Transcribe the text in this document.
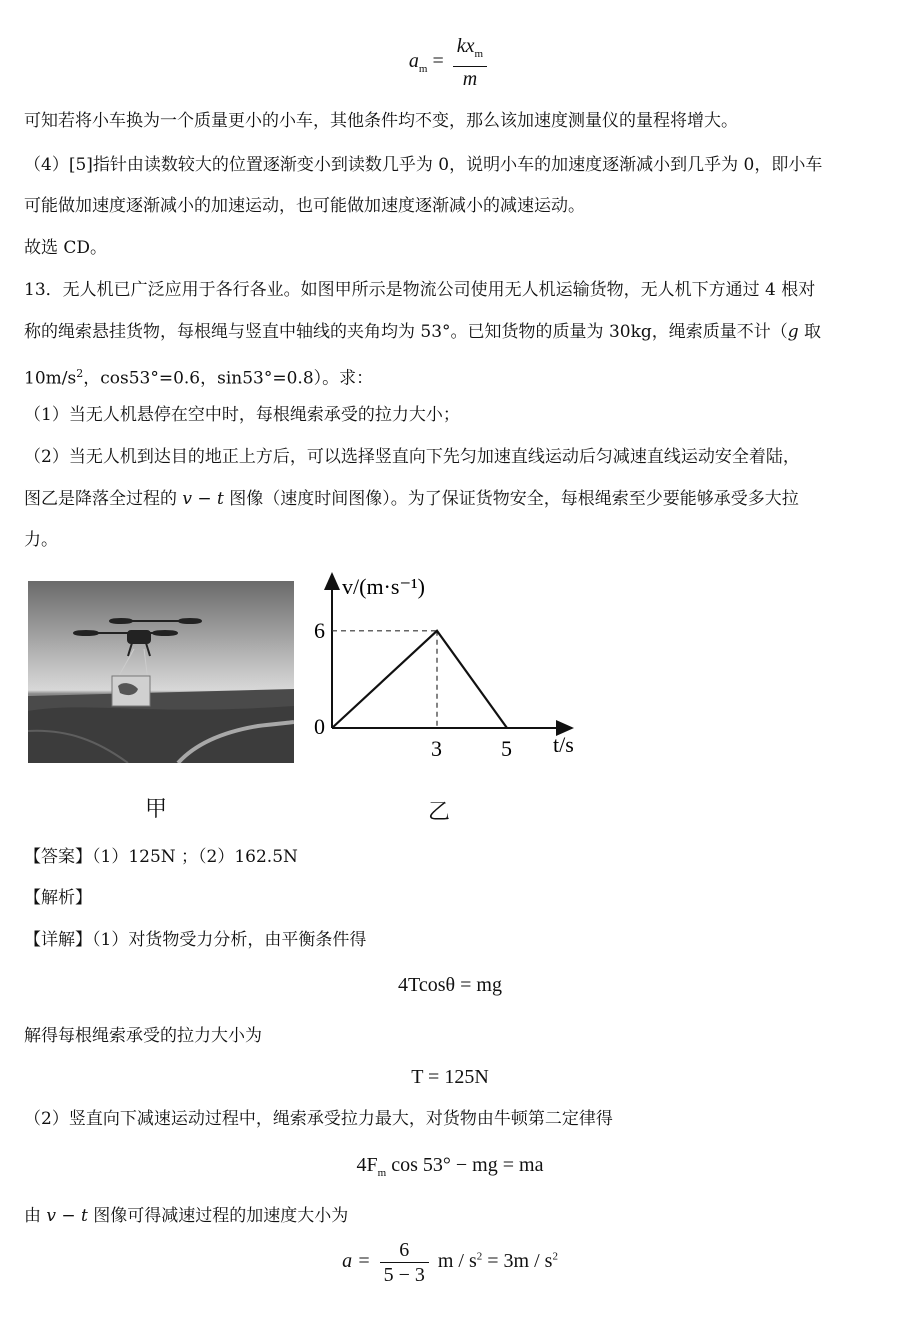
$a_m = \frac{kx_m}{m}$
可知若将小车换为一个质量更小的小车，其他条件均不变，那么该加速度测量仪的量程将增大。
（4）[5]指针由读数较大的位置逐渐变小到读数几乎为 0，说明小车的加速度逐渐减小到几乎为 0，即小车
可能做加速度逐渐减小的加速运动，也可能做加速度逐渐减小的减速运动。
故选 CD。
13．无人机已广泛应用于各行各业。如图甲所示是物流公司使用无人机运输货物，无人机下方通过 4 根对
称的绳索悬挂货物，每根绳与竖直中轴线的夹角均为 53°。已知货物的质量为 30kg，绳索质量不计（g 取
$10m/s^2$，cos53°=0.6，sin53°=0.8）。求：
（1）当无人机悬停在空中时，每根绳索承受的拉力大小；
（2）当无人机到达目的地正上方后，可以选择竖直向下先匀加速直线运动后匀减速直线运动安全着陆，
图乙是降落全过程的 v − t 图像（速度时间图像）。为了保证货物安全，每根绳索至少要能够承受多大拉
力。
v/(m·s⁻¹)
t/s
0
6
3	5
甲	乙
【答案】（1）125N ；（2）162.5N
【解析】
【详解】（1）对货物受力分析，由平衡条件得
4Tcosθ = mg
解得每根绳索承受的拉力大小为
T = 125N
（2）竖直向下减速运动过程中，绳索承受拉力最大，对货物由牛顿第二定律得
$4F_m$ cos 53° − mg = ma
由 v − t 图像可得减速过程的加速度大小为
$a = \frac{6}{5 - 3}$ $m / s^2 = 3m / s^2$
